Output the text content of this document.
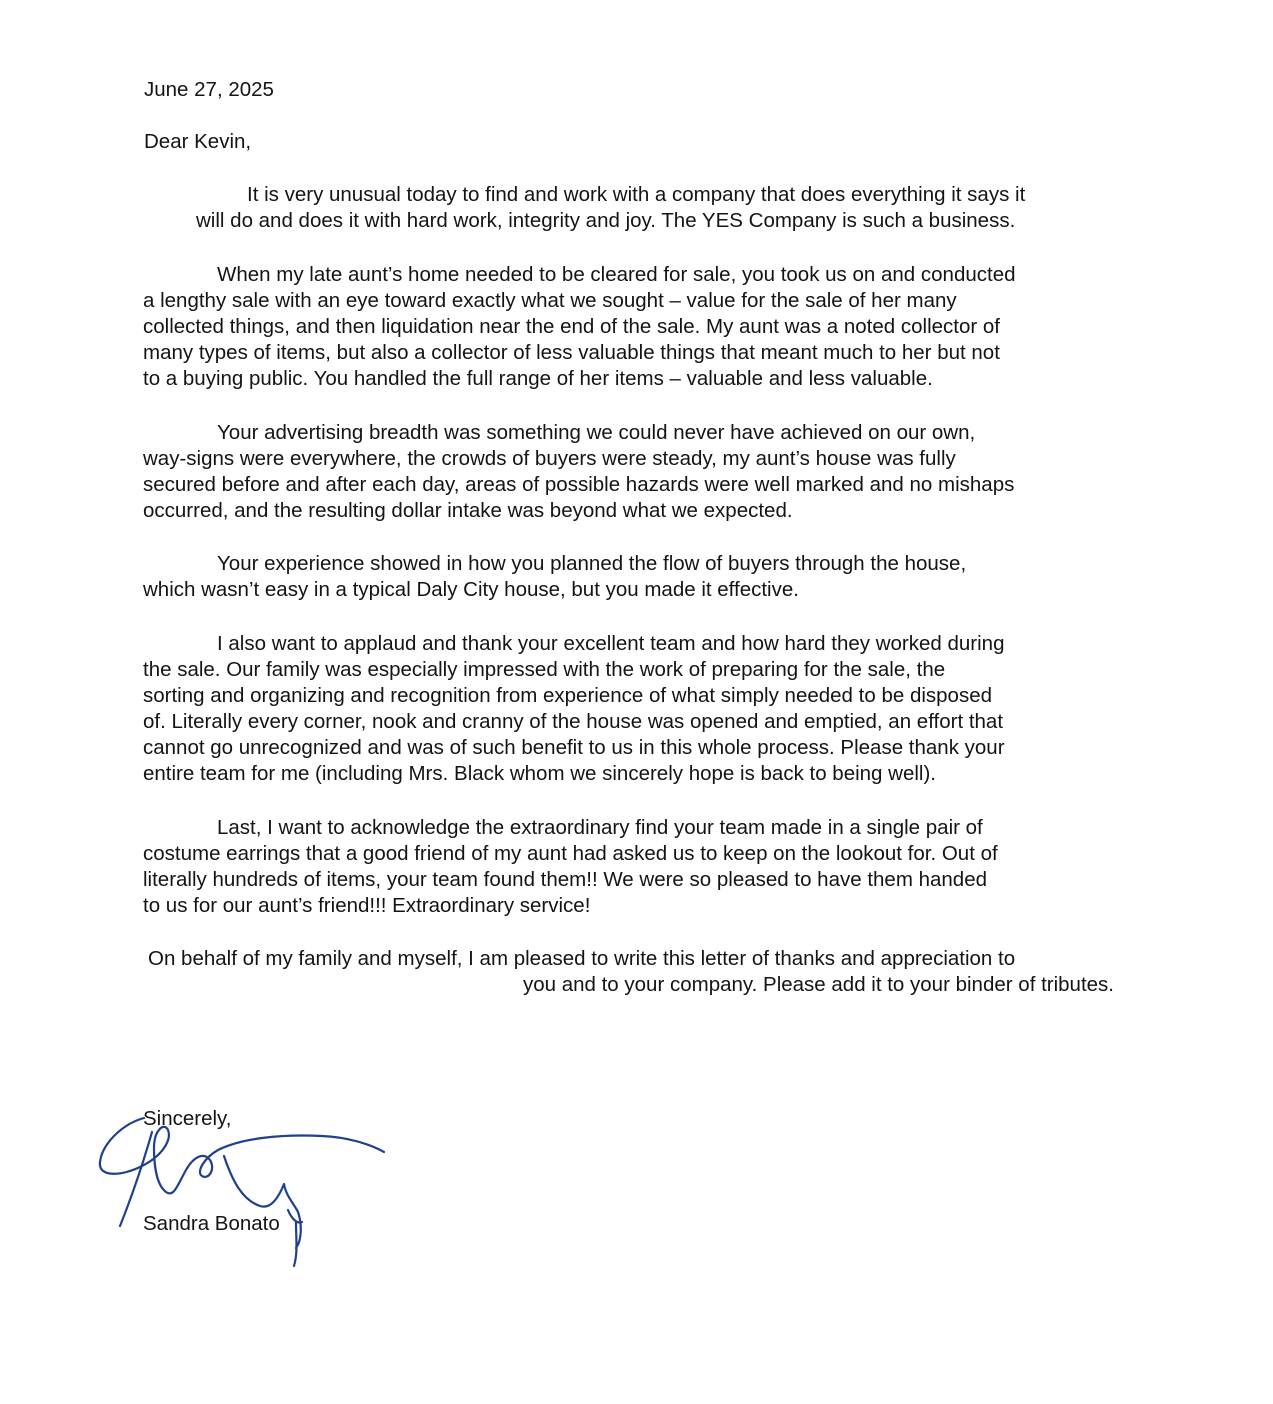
June 27, 2025

Dear Kevin,

It is very unusual today to find and work with a company that does everything it says it
will do and does it with hard work, integrity and joy. The YES Company is such a business.
When my late aunt’s home needed to be cleared for sale, you took us on and conducted
a lengthy sale with an eye toward exactly what we sought – value for the sale of her many
collected things, and then liquidation near the end of the sale. My aunt was a noted collector of
many types of items, but also a collector of less valuable things that meant much to her but not
to a buying public. You handled the full range of her items – valuable and less valuable.
Your advertising breadth was something we could never have achieved on our own,
way-signs were everywhere, the crowds of buyers were steady, my aunt’s house was fully
secured before and after each day, areas of possible hazards were well marked and no mishaps
occurred, and the resulting dollar intake was beyond what we expected.
Your experience showed in how you planned the flow of buyers through the house,
which wasn’t easy in a typical Daly City house, but you made it effective.
I also want to applaud and thank your excellent team and how hard they worked during
the sale. Our family was especially impressed with the work of preparing for the sale, the
sorting and organizing and recognition from experience of what simply needed to be disposed
of. Literally every corner, nook and cranny of the house was opened and emptied, an effort that
cannot go unrecognized and was of such benefit to us in this whole process. Please thank your
entire team for me (including Mrs. Black whom we sincerely hope is back to being well).
Last, I want to acknowledge the extraordinary find your team made in a single pair of
costume earrings that a good friend of my aunt had asked us to keep on the lookout for. Out of
literally hundreds of items, your team found them!! We were so pleased to have them handed
to us for our aunt’s friend!!! Extraordinary service!
On behalf of my family and myself, I am pleased to write this letter of thanks and appreciation to
you and to your company. Please add it to your binder of tributes.

Sincerely,

Sandra Bonato
